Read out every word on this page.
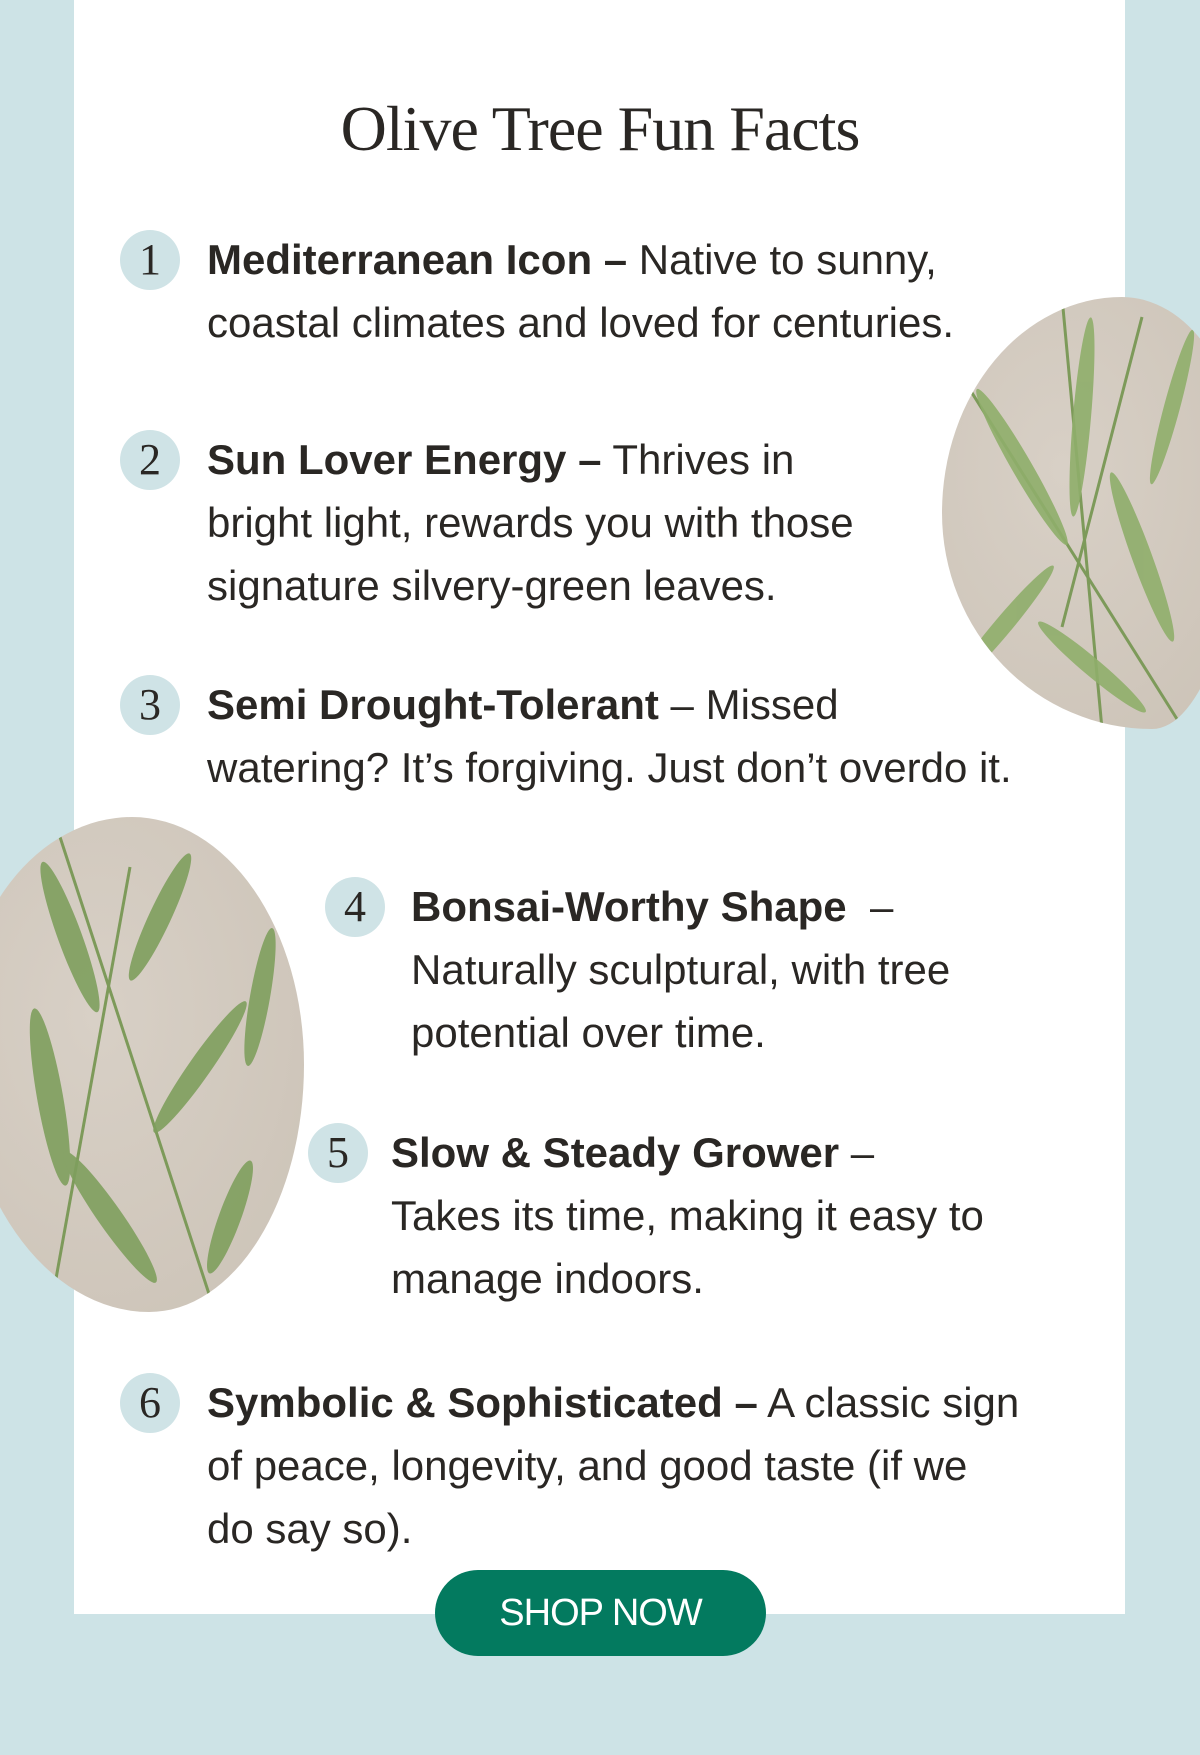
Olive Tree Fun Facts
1	Mediterranean Icon – Native to sunny,
coastal climates and loved for centuries.
2	Sun Lover Energy – Thrives in
bright light, rewards you with those
signature silvery-green leaves.
3	Semi Drought-Tolerant – Missed
watering? It’s forgiving. Just don’t overdo it.
4	Bonsai-Worthy Shape  –
Naturally sculptural, with tree
potential over time.
5	Slow & Steady Grower –
Takes its time, making it easy to
manage indoors.
6	Symbolic & Sophisticated – A classic sign
of peace, longevity, and good taste (if we
do say so).
SHOP NOW
